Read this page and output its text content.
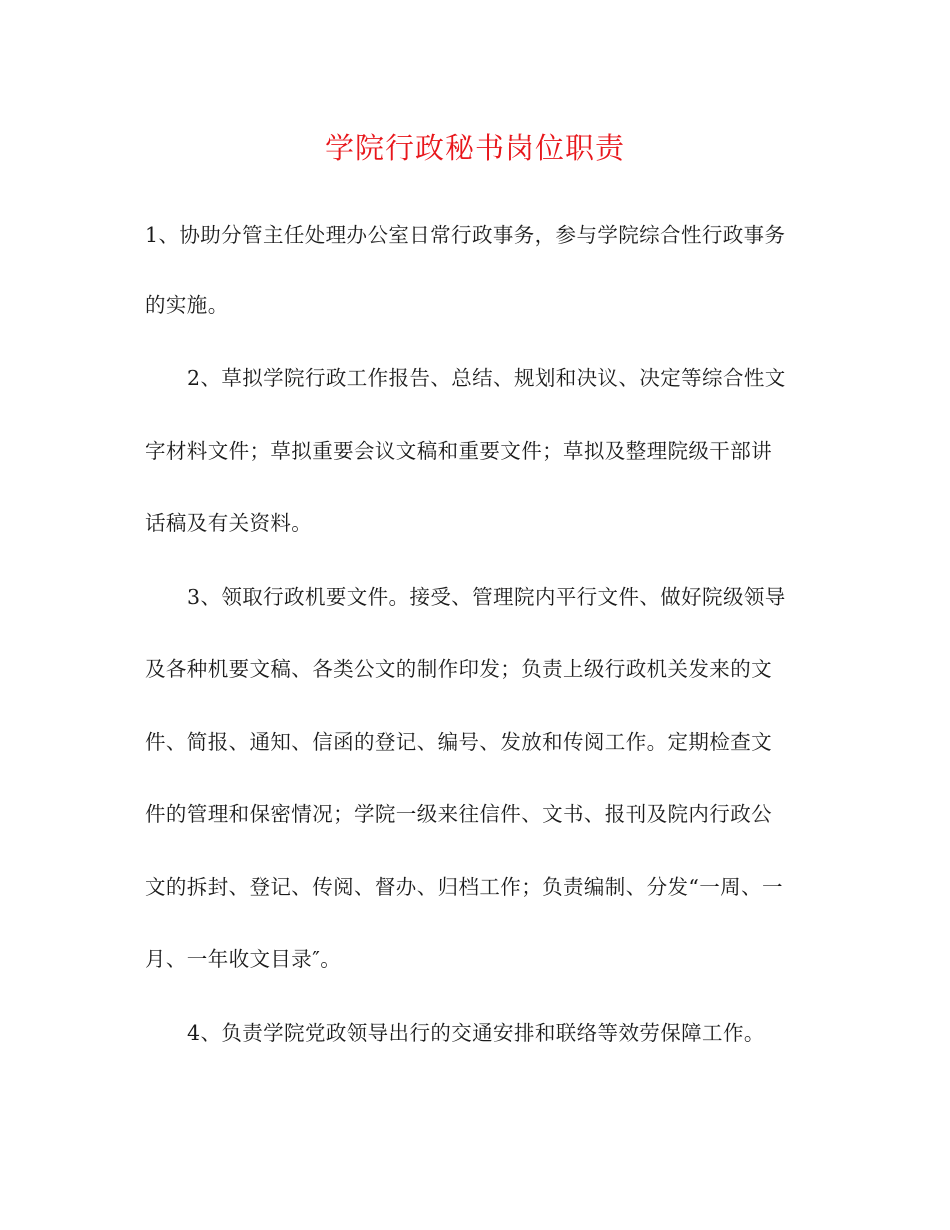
学院行政秘书岗位职责
1、协助分管主任处理办公室日常行政事务，参与学院综合性行政事务
的实施。
2、草拟学院行政工作报告、总结、规划和决议、决定等综合性文
字材料文件；草拟重要会议文稿和重要文件；草拟及整理院级干部讲
话稿及有关资料。
3、领取行政机要文件。接受、管理院内平行文件、做好院级领导
及各种机要文稿、各类公文的制作印发；负责上级行政机关发来的文
件、简报、通知、信函的登记、编号、发放和传阅工作。定期检查文
件的管理和保密情况；学院一级来往信件、文书、报刊及院内行政公
文的拆封、登记、传阅、督办、归档工作；负责编制、分发“一周、一
月、一年收文目录″。
4、负责学院党政领导出行的交通安排和联络等效劳保障工作。
